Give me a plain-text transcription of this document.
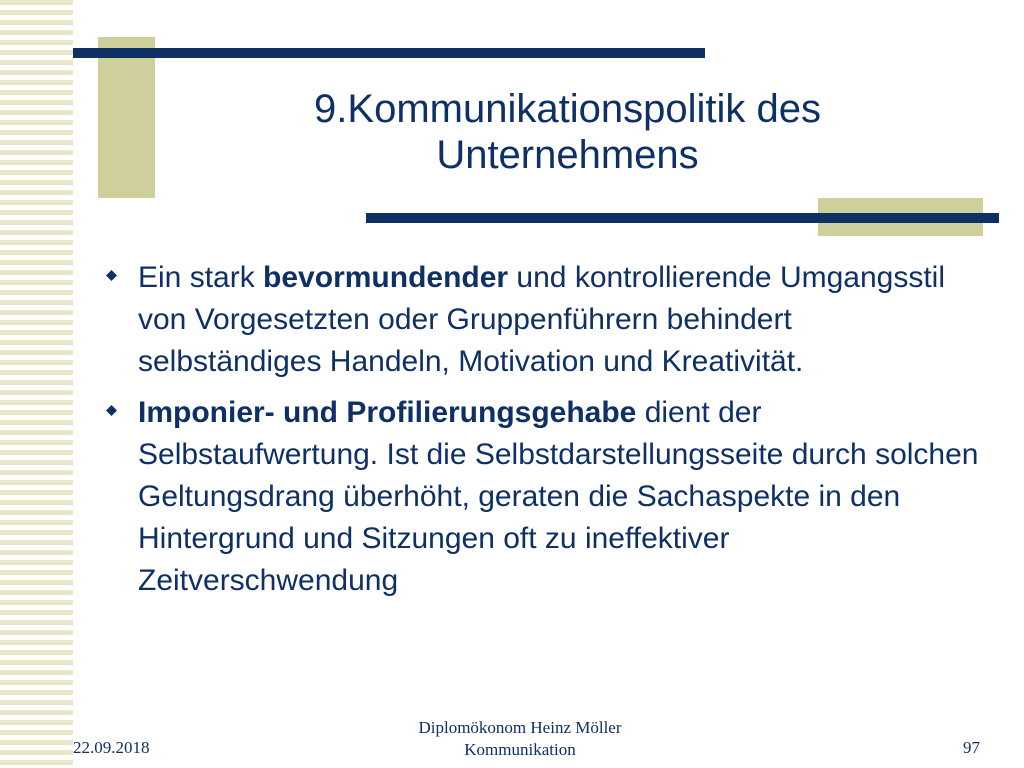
9.Kommunikationspolitik des
Unternehmens
Ein stark bevormundender und kontrollierende Umgangsstil von Vorgesetzten oder Gruppenführern behindert selbständiges Handeln, Motivation und Kreativität.
Imponier- und Profilierungsgehabe dient der Selbstaufwertung. Ist die Selbstdarstellungsseite durch solchen Geltungsdrang überhöht, geraten die Sachaspekte in den Hintergrund und Sitzungen oft zu ineffektiver Zeitverschwendung
22.09.2018
Diplomökonom Heinz Möller
Kommunikation	97
